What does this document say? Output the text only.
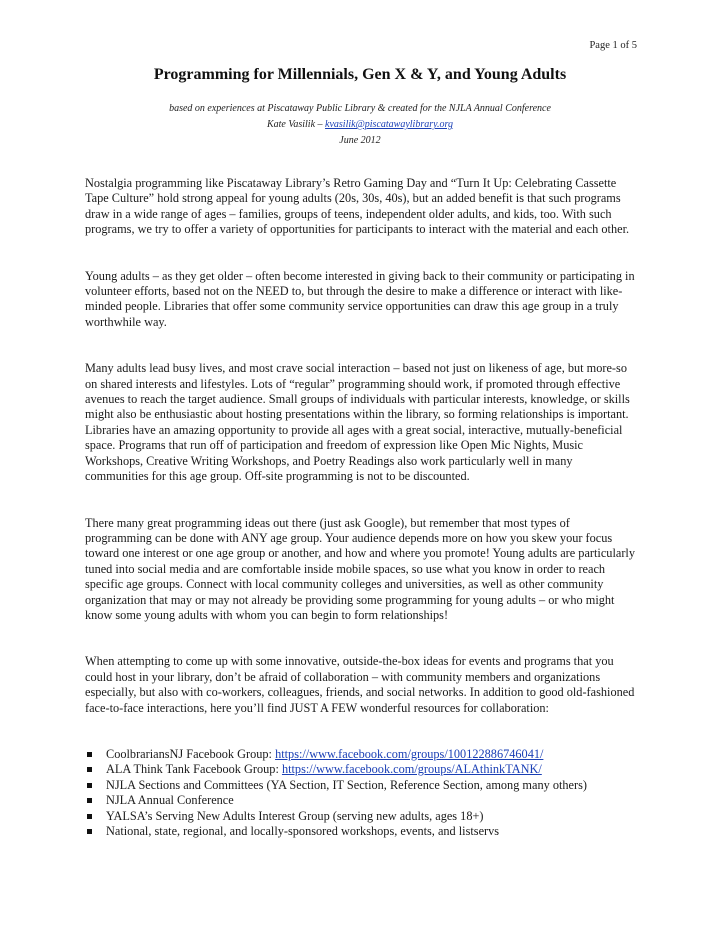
Page 1 of 5
Programming for Millennials, Gen X & Y, and Young Adults
based on experiences at Piscataway Public Library & created for the NJLA Annual Conference
Kate Vasilik – kvasilik@piscatawaylibrary.org
June 2012

Nostalgia programming like Piscataway Library’s Retro Gaming Day and “Turn It Up: Celebrating Cassette Tape Culture” hold strong appeal for young adults (20s, 30s, 40s), but an added benefit is that such programs draw in a wide range of ages – families, groups of teens, independent older adults, and kids, too. With such programs, we try to offer a variety of opportunities for participants to interact with the material and each other.

Young adults – as they get older – often become interested in giving back to their community or participating in volunteer efforts, based not on the NEED to, but through the desire to make a difference or interact with like-minded people. Libraries that offer some community service opportunities can draw this age group in a truly worthwhile way.

Many adults lead busy lives, and most crave social interaction – based not just on likeness of age, but more-so on shared interests and lifestyles. Lots of “regular” programming should work, if promoted through effective avenues to reach the target audience. Small groups of individuals with particular interests, knowledge, or skills might also be enthusiastic about hosting presentations within the library, so forming relationships is important. Libraries have an amazing opportunity to provide all ages with a great social, interactive, mutually-beneficial space. Programs that run off of participation and freedom of expression like Open Mic Nights, Music Workshops, Creative Writing Workshops, and Poetry Readings also work particularly well in many communities for this age group. Off-site programming is not to be discounted.

There many great programming ideas out there (just ask Google), but remember that most types of programming can be done with ANY age group. Your audience depends more on how you skew your focus toward one interest or one age group or another, and how and where you promote! Young adults are particularly tuned into social media and are comfortable inside mobile spaces, so use what you know in order to reach specific age groups. Connect with local community colleges and universities, as well as other community organization that may or may not already be providing some programming for young adults – or who might know some young adults with whom you can begin to form relationships!

When attempting to come up with some innovative, outside-the-box ideas for events and programs that you could host in your library, don’t be afraid of collaboration – with community members and organizations especially, but also with co-workers, colleagues, friends, and social networks. In addition to good old-fashioned face-to-face interactions, here you’ll find JUST A FEW wonderful resources for collaboration:

CoolbrariansNJ Facebook Group: https://www.facebook.com/groups/100122886746041/
ALA Think Tank Facebook Group: https://www.facebook.com/groups/ALAthinkTANK/
NJLA Sections and Committees (YA Section, IT Section, Reference Section, among many others)
NJLA Annual Conference
YALSA’s Serving New Adults Interest Group (serving new adults, ages 18+)
National, state, regional, and locally-sponsored workshops, events, and listservs
